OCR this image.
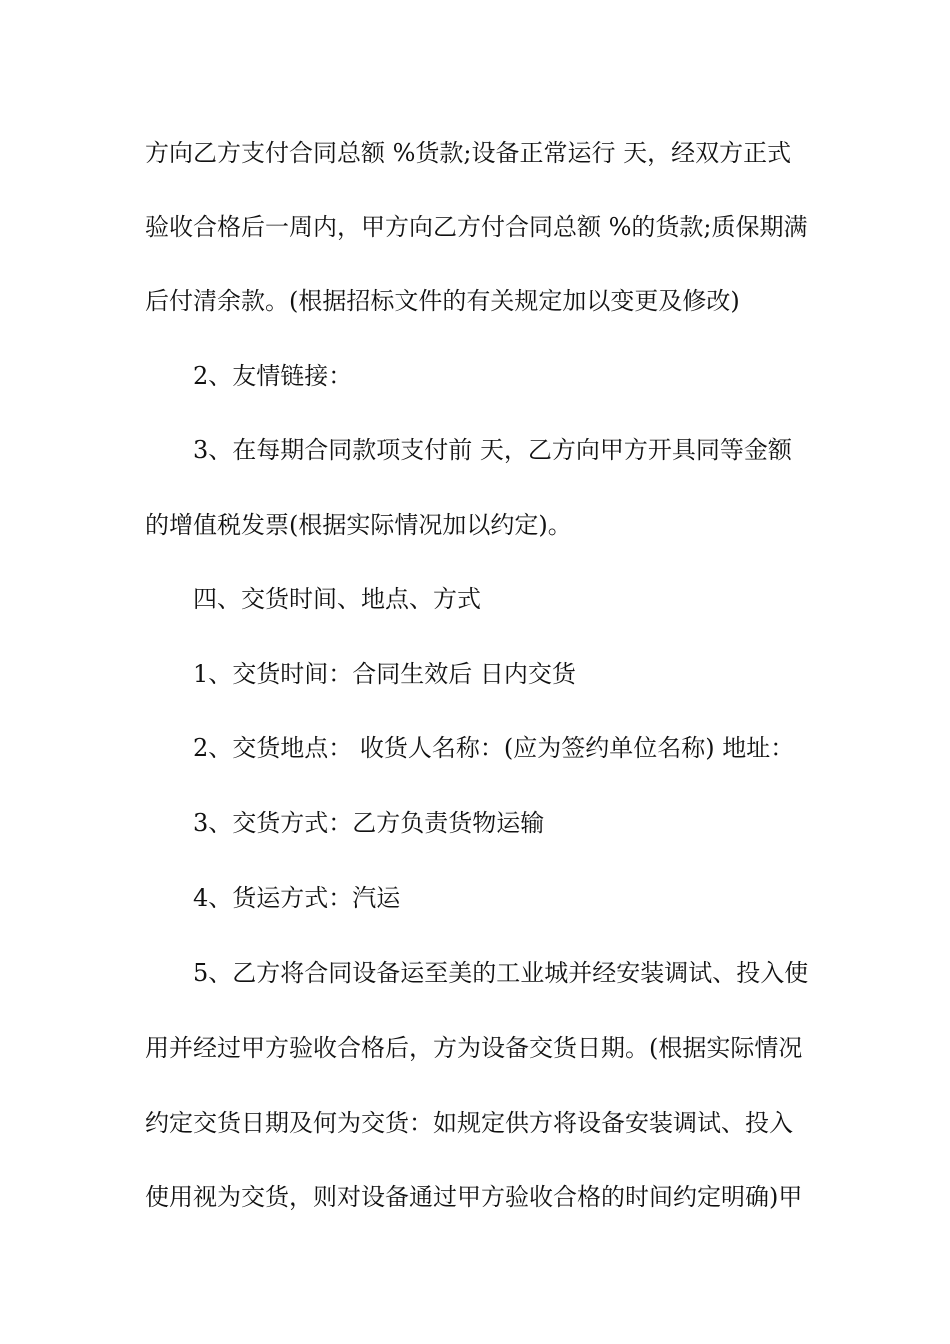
方向乙方支付合同总额 %货款;设备正常运行 天，经双方正式
验收合格后一周内，甲方向乙方付合同总额 %的货款;质保期满
后付清余款。(根据招标文件的有关规定加以变更及修改)
2、友情链接：
3、在每期合同款项支付前 天，乙方向甲方开具同等金额
的增值税发票(根据实际情况加以约定)。
四、交货时间、地点、方式
1、交货时间：合同生效后 日内交货
2、交货地点： 收货人名称：(应为签约单位名称) 地址：
3、交货方式：乙方负责货物运输
4、货运方式：汽运
5、乙方将合同设备运至美的工业城并经安装调试、投入使
用并经过甲方验收合格后，方为设备交货日期。(根据实际情况
约定交货日期及何为交货：如规定供方将设备安装调试、投入
使用视为交货，则对设备通过甲方验收合格的时间约定明确)甲
